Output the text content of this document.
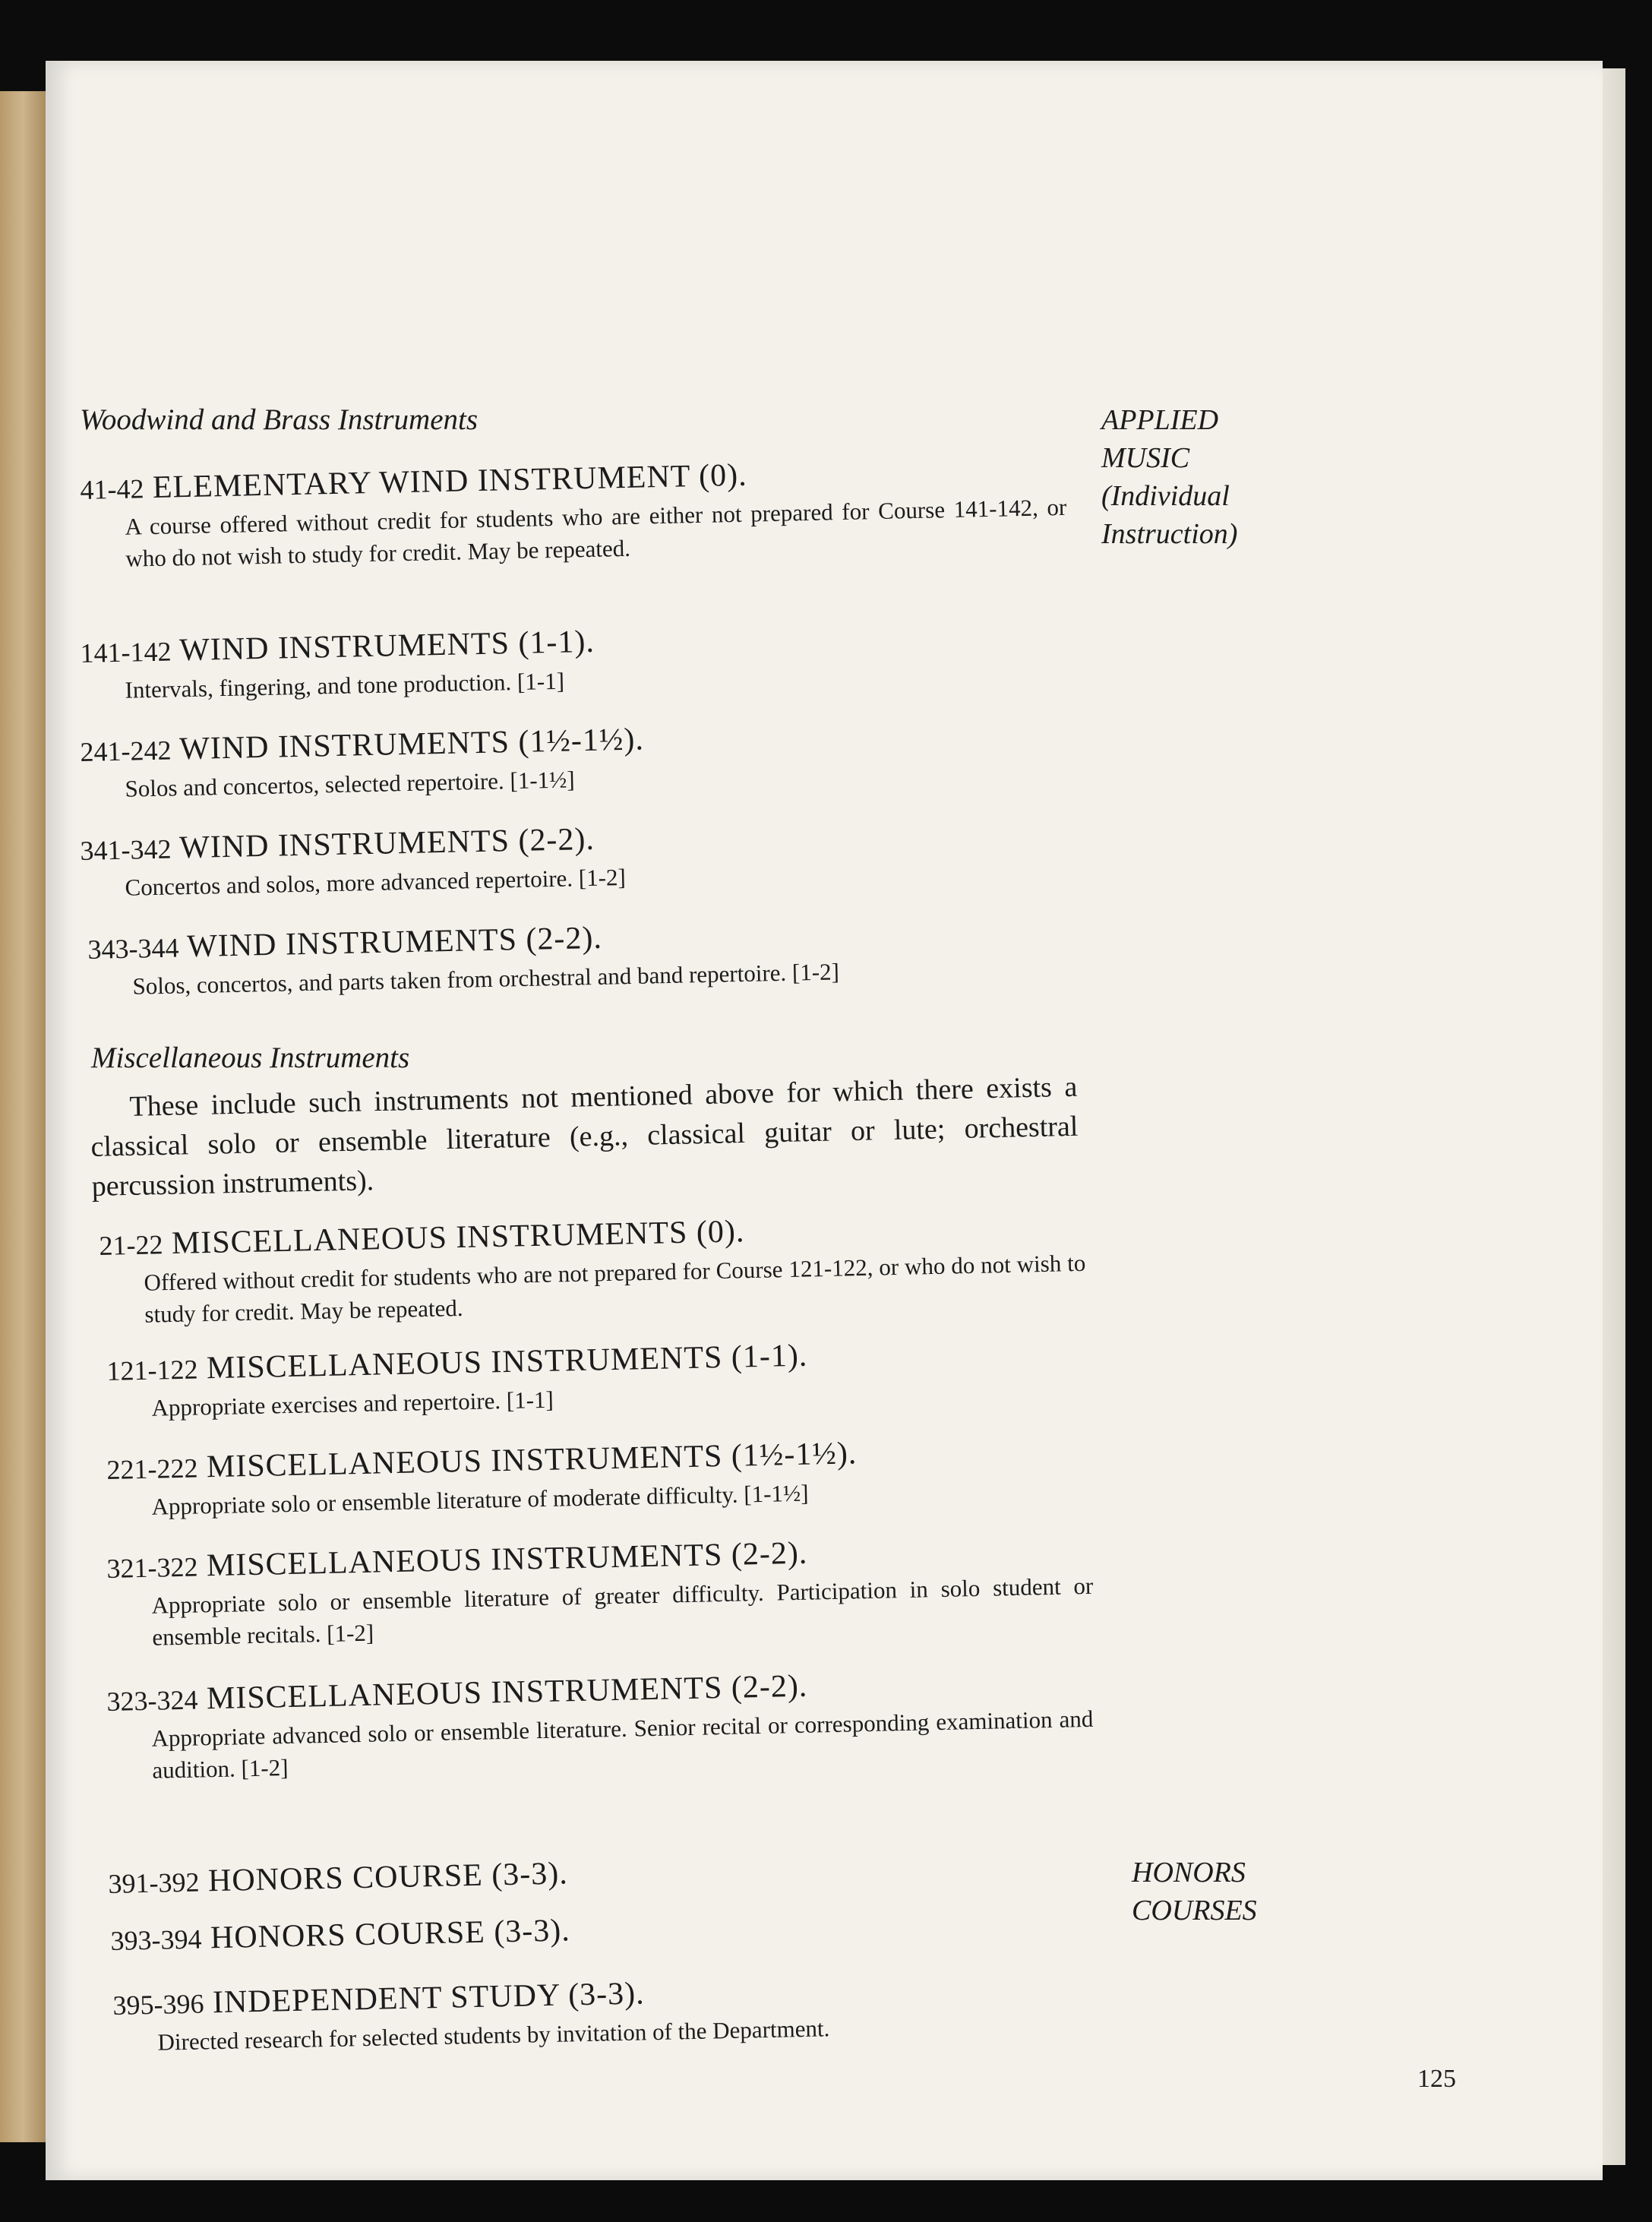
Woodwind and Brass Instruments

41-42 ELEMENTARY WIND INSTRUMENT (0).

A course offered without credit for students who are either not prepared for Course 141-142, or who do not wish to study for credit. May be repeated.

141-142 WIND INSTRUMENTS (1-1).

Intervals, fingering, and tone production. [1-1]

241-242 WIND INSTRUMENTS (1½-1½).

Solos and concertos, selected repertoire. [1-1½]

341-342 WIND INSTRUMENTS (2-2).

Concertos and solos, more advanced repertoire. [1-2]

343-344 WIND INSTRUMENTS (2-2).

Solos, concertos, and parts taken from orchestral and band repertoire. [1-2]

Miscellaneous Instruments
These include such instruments not mentioned above for which there exists a classical solo or ensemble literature (e.g., classical guitar or lute; orchestral percussion instruments).

21-22 MISCELLANEOUS INSTRUMENTS (0).

Offered without credit for students who are not prepared for Course 121-122, or who do not wish to study for credit. May be repeated.

121-122 MISCELLANEOUS INSTRUMENTS (1-1).

Appropriate exercises and repertoire. [1-1]

221-222 MISCELLANEOUS INSTRUMENTS (1½-1½).

Appropriate solo or ensemble literature of moderate difficulty. [1-1½]

321-322 MISCELLANEOUS INSTRUMENTS (2-2).

Appropriate solo or ensemble literature of greater difficulty. Participation in solo student or ensemble recitals. [1-2]

323-324 MISCELLANEOUS INSTRUMENTS (2-2).

Appropriate advanced solo or ensemble literature. Senior recital or corresponding examination and audition. [1-2]

391-392 HONORS COURSE (3-3).

393-394 HONORS COURSE (3-3).

395-396 INDEPENDENT STUDY (3-3).

Directed research for selected students by invitation of the Department.

APPLIED
MUSIC
(Individual
Instruction)
HONORS
COURSES
125
